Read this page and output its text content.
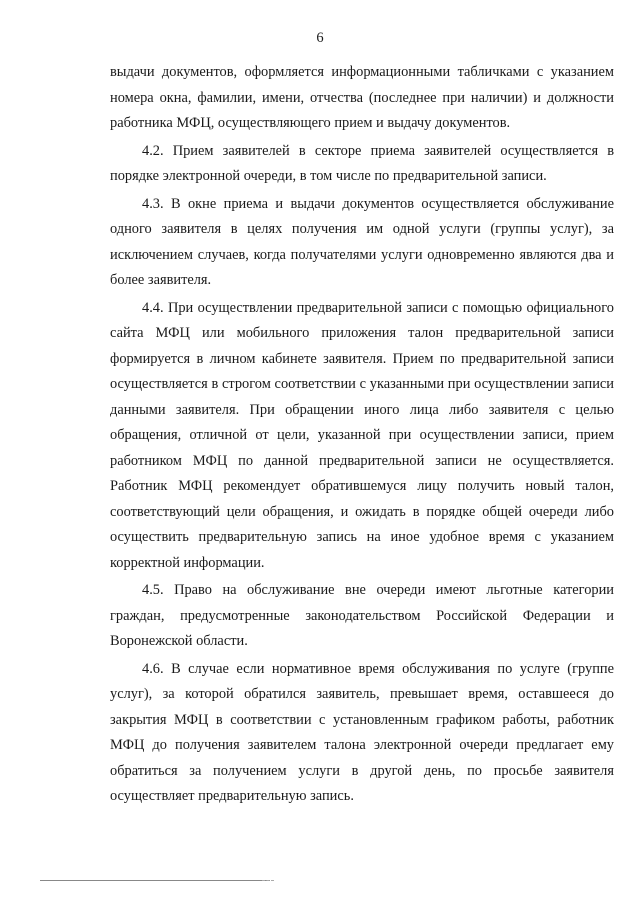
6

выдачи документов, оформляется информационными табличками с указанием номера окна, фамилии, имени, отчества (последнее при наличии) и должности работника МФЦ, осуществляющего прием и выдачу документов.

4.2. Прием заявителей в секторе приема заявителей осуществляется в порядке электронной очереди, в том числе по предварительной записи.

4.3. В окне приема и выдачи документов осуществляется обслуживание одного заявителя в целях получения им одной услуги (группы услуг), за исключением случаев, когда получателями услуги одновременно являются два и более заявителя.

4.4. При осуществлении предварительной записи с помощью официального сайта МФЦ или мобильного приложения талон предварительной записи формируется в личном кабинете заявителя. Прием по предварительной записи осуществляется в строгом соответствии с указанными при осуществлении записи данными заявителя. При обращении иного лица либо заявителя с целью обращения, отличной от цели, указанной при осуществлении записи, прием работником МФЦ по данной предварительной записи не осуществляется. Работник МФЦ рекомендует обратившемуся лицу получить новый талон, соответствующий цели обращения, и ожидать в порядке общей очереди либо осуществить предварительную запись на иное удобное время с указанием корректной информации.

4.5. Право на обслуживание вне очереди имеют льготные категории граждан, предусмотренные законодательством Российской Федерации и Воронежской области.

4.6. В случае если нормативное время обслуживания по услуге (группе услуг), за которой обратился заявитель, превышает время, оставшееся до закрытия МФЦ в соответствии с установленным графиком работы, работник МФЦ до получения заявителем талона электронной очереди предлагает ему обратиться за получением услуги в другой день, по просьбе заявителя осуществляет предварительную запись.
